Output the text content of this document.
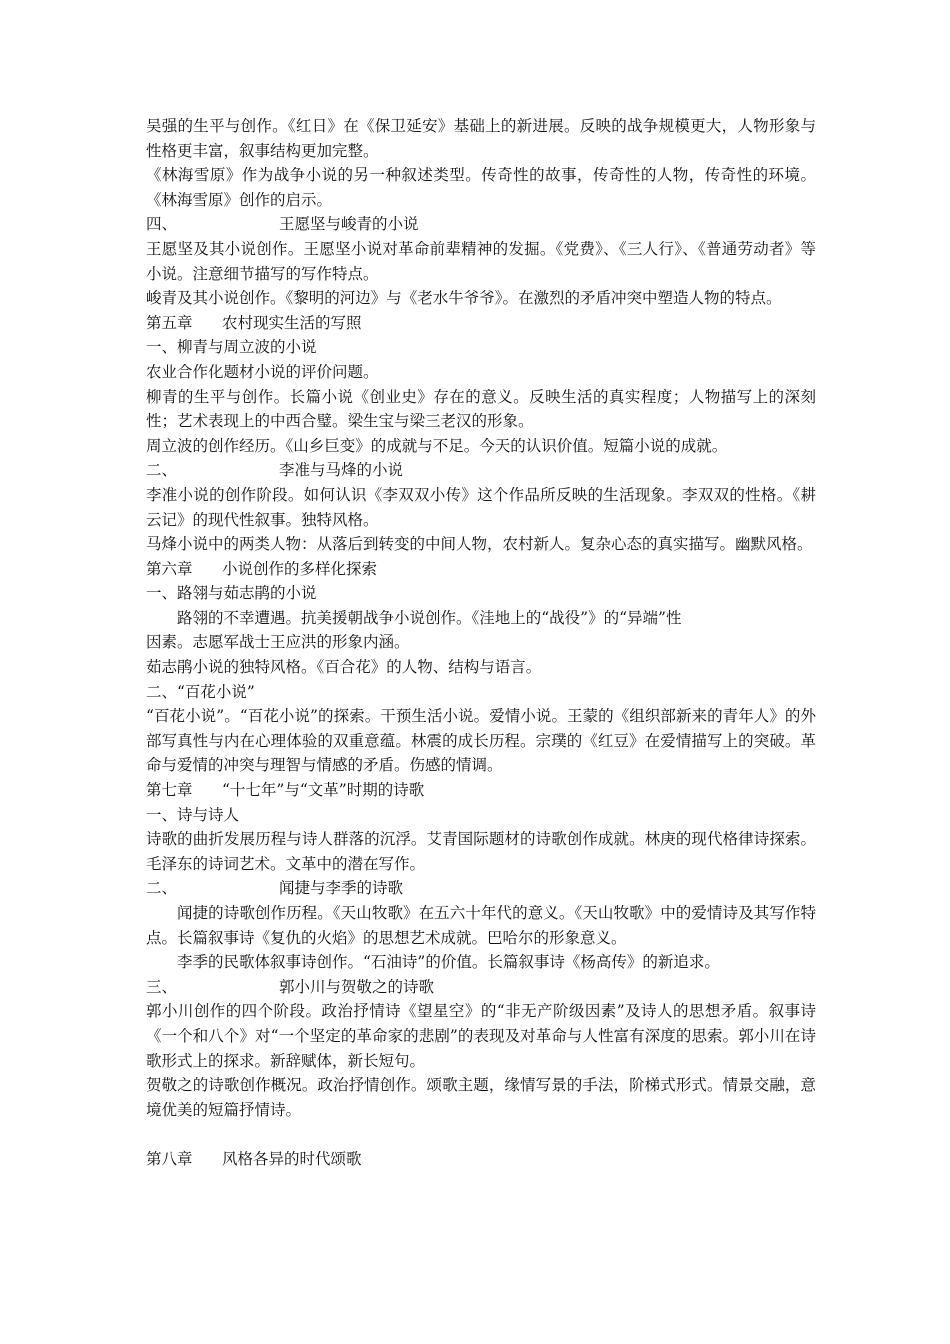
吴强的生平与创作。《红日》在《保卫延安》基础上的新进展。反映的战争规模更大，人物形象与性格更丰富，叙事结构更加完整。

《林海雪原》作为战争小说的另一种叙述类型。传奇性的故事，传奇性的人物，传奇性的环境。《林海雪原》创作的启示。

四、	王愿坚与峻青的小说

王愿坚及其小说创作。王愿坚小说对革命前辈精神的发掘。《党费》、《三人行》、《普通劳动者》等小说。注意细节描写的写作特点。

峻青及其小说创作。《黎明的河边》与《老水牛爷爷》。在激烈的矛盾冲突中塑造人物的特点。

第五章	农村现实生活的写照

一、柳青与周立波的小说

农业合作化题材小说的评价问题。

柳青的生平与创作。长篇小说《创业史》存在的意义。反映生活的真实程度；人物描写上的深刻性；艺术表现上的中西合璧。梁生宝与梁三老汉的形象。

周立波的创作经历。《山乡巨变》的成就与不足。今天的认识价值。短篇小说的成就。

二、	李准与马烽的小说

李准小说的创作阶段。如何认识《李双双小传》这个作品所反映的生活现象。李双双的性格。《耕云记》的现代性叙事。独特风格。

马烽小说中的两类人物：从落后到转变的中间人物，农村新人。复杂心态的真实描写。幽默风格。

第六章	小说创作的多样化探索

一、路翎与茹志鹃的小说

路翎的不幸遭遇。抗美援朝战争小说创作。《洼地上的“战役”》的“异端”性

因素。志愿军战士王应洪的形象内涵。

茹志鹃小说的独特风格。《百合花》的人物、结构与语言。

二、“百花小说”

“百花小说”。“百花小说”的探索。干预生活小说。爱情小说。王蒙的《组织部新来的青年人》的外部写真性与内在心理体验的双重意蕴。林震的成长历程。宗璞的《红豆》在爱情描写上的突破。革命与爱情的冲突与理智与情感的矛盾。伤感的情调。

第七章	“十七年”与“文革”时期的诗歌

一、诗与诗人

诗歌的曲折发展历程与诗人群落的沉浮。艾青国际题材的诗歌创作成就。林庚的现代格律诗探索。毛泽东的诗词艺术。文革中的潜在写作。

二、	闻捷与李季的诗歌

闻捷的诗歌创作历程。《天山牧歌》在五六十年代的意义。《天山牧歌》中的爱情诗及其写作特点。长篇叙事诗《复仇的火焰》的思想艺术成就。巴哈尔的形象意义。

李季的民歌体叙事诗创作。“石油诗”的价值。长篇叙事诗《杨高传》的新追求。

三、	郭小川与贺敬之的诗歌

郭小川创作的四个阶段。政治抒情诗《望星空》的“非无产阶级因素”及诗人的思想矛盾。叙事诗《一个和八个》对“一个坚定的革命家的悲剧”的表现及对革命与人性富有深度的思索。郭小川在诗歌形式上的探求。新辞赋体，新长短句。

贺敬之的诗歌创作概况。政治抒情创作。颂歌主题，缘情写景的手法，阶梯式形式。情景交融，意境优美的短篇抒情诗。

第八章	风格各异的时代颂歌
